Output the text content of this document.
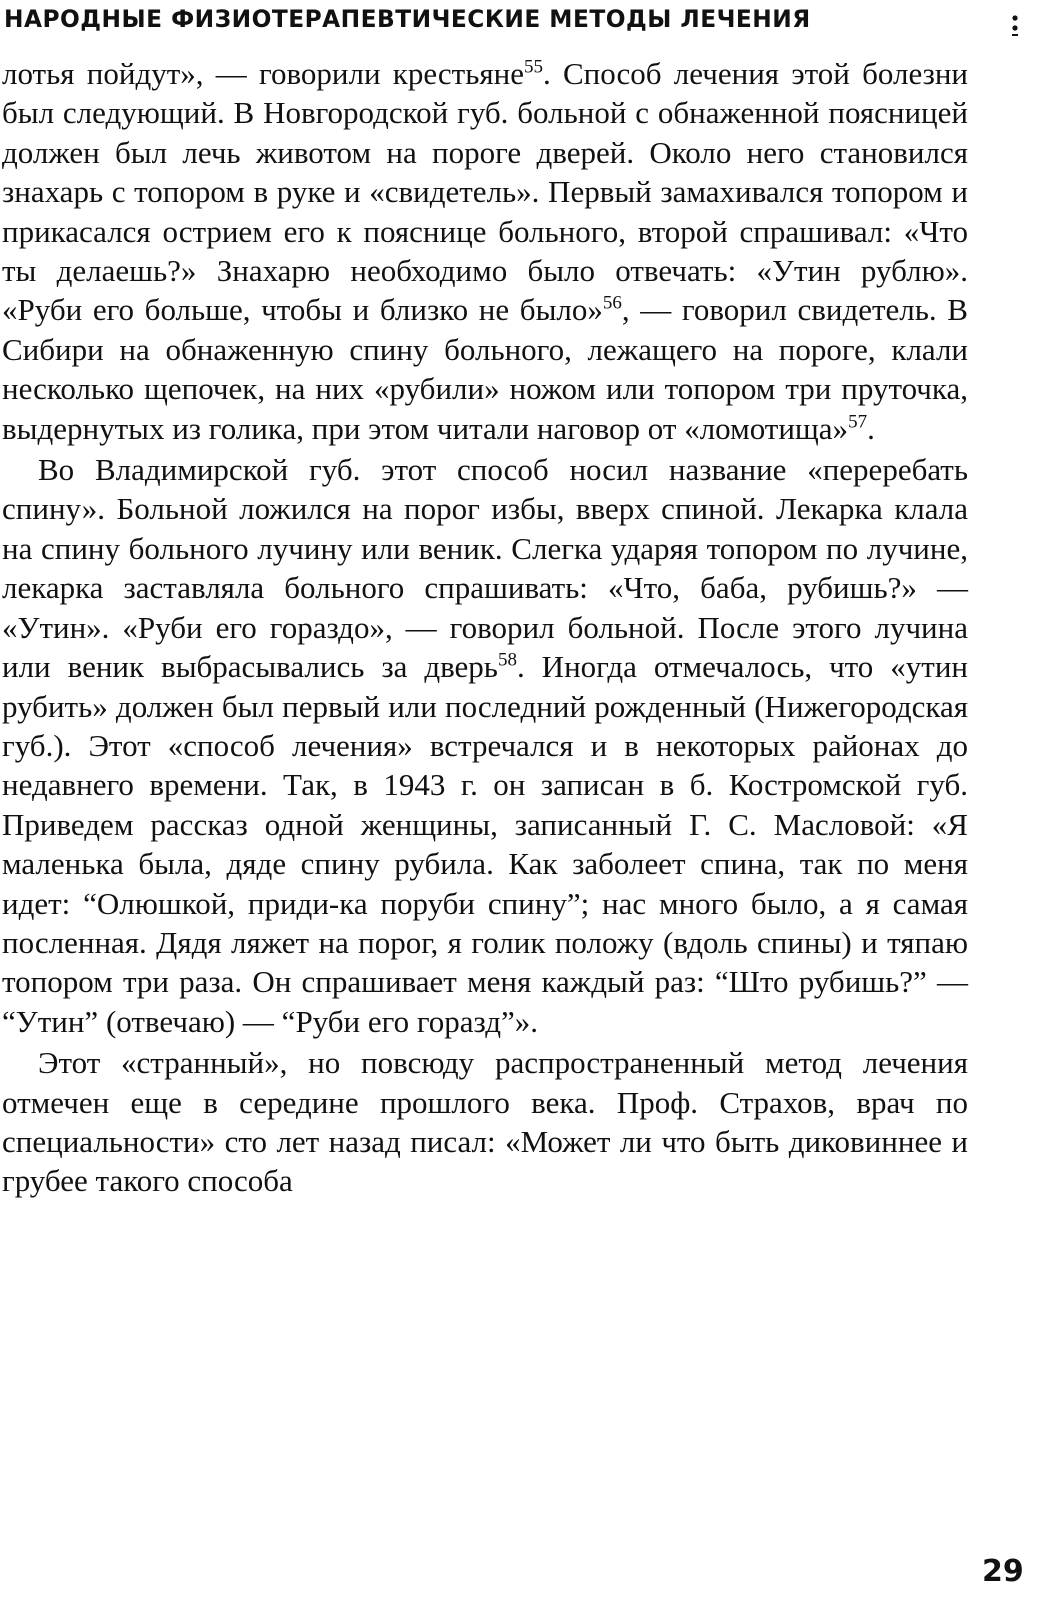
НАРОДНЫЕ ФИЗИОТЕРАПЕВТИЧЕСКИЕ МЕТОДЫ ЛЕЧЕНИЯ

лотья пойдут», — говорили крестьяне$^{55}$. Способ лечения этой болезни был следующий. В Новгородской губ. больной с обнаженной поясницей должен был лечь животом на пороге дверей. Около него становился знахарь с топором в руке и «свидетель». Первый замахивался топором и прикасался острием его к пояснице больного, второй спрашивал: «Что ты делаешь?» Знахарю необходимо было отвечать: «Утин рублю». «Руби его больше, чтобы и близко не было»$^{56}$, — говорил свидетель. В Сибири на обнаженную спину больного, лежащего на пороге, клали несколько щепочек, на них «рубили» ножом или топором три пруточка, выдернутых из голика, при этом читали наговор от «ломотища»$^{57}$.

Во Владимирской губ. этот способ носил название «переребать спину». Больной ложился на порог избы, вверх спиной. Лекарка клала на спину больного лучину или веник. Слегка ударяя топором по лучине, лекарка заставляла больного спрашивать: «Что, баба, рубишь?» — «Утин». «Руби его гораздо», — говорил больной. После этого лучина или веник выбрасывались за дверь$^{58}$. Иногда отмечалось, что «утин рубить» должен был первый или последний рожденный (Нижегородская губ.). Этот «способ лечения» встречался и в некоторых районах до недавнего времени. Так, в 1943 г. он записан в б. Костромской губ. Приведем рассказ одной женщины, записанный Г. С. Масловой: «Я маленька была, дяде спину рубила. Как заболеет спина, так по меня идет: “Олюшкой, приди-ка поруби спину”; нас много было, а я самая посленная. Дядя ляжет на порог, я голик положу (вдоль спины) и тяпаю топором три раза. Он спрашивает меня каждый раз: “Што рубишь?” — “Утин” (отвечаю) — “Руби его горазд”».

Этот «странный», но повсюду распространенный метод лечения отмечен еще в середине прошлого века. Проф. Страхов, врач по специальности» сто лет назад писал: «Может ли что быть диковиннее и грубее такого способа

29
